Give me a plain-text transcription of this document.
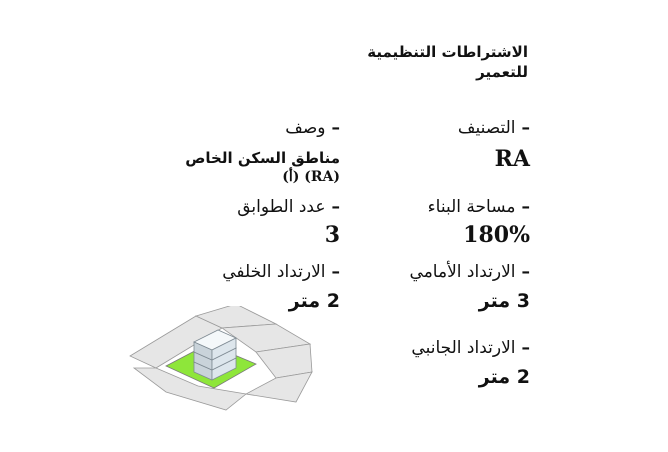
الاشتراطات التنظيمية
للتعمير
–التصنيف
RA
–مساحة البناء
180%
–الارتداد الأمامي
3 متر
–الارتداد الجانبي
2 متر
–وصف
مناطق السكن الخاص
(RA) (أ)
–عدد الطوابق
3
–الارتداد الخلفي
2 متر
